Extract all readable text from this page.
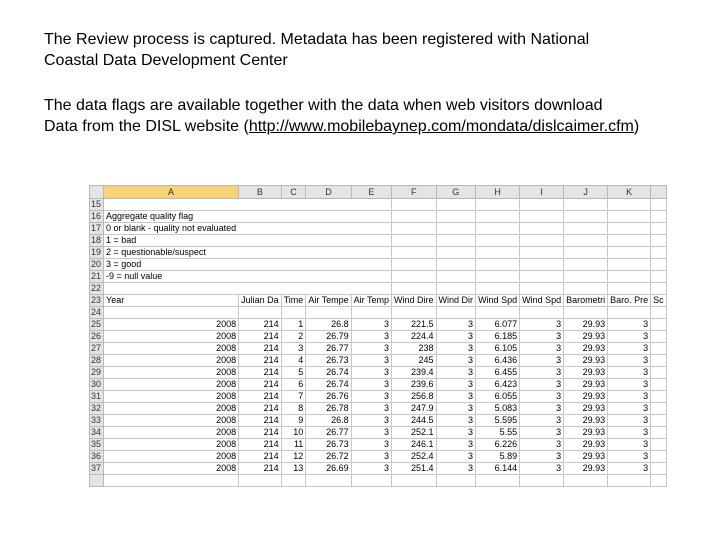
The Review process is captured. Metadata has been registered with National
Coastal Data Development Center

The data flags are available together with the data when web visitors download
Data from the DISL website (http://www.mobilebaynep.com/mondata/dislcaimer.cfm)

	A	B	C	D	E	F	G	H	I	J	K	
15												
16	Aggregate quality flag											
17	0 or blank - quality not evaluated											
18	1 = bad											
19	2 = questionable/suspect											
20	3 = good											
21	-9 = null value											
22												
23	Year	Julian Da	Time	Air Tempe	Air Temp	Wind Dire	Wind Dir	Wind Spd	Wind Spd	Barometri	Baro. Pre	Sc
24												
25	2008	214	1	26.8	3	221.5	3	6.077	3	29.93	3	
26	2008	214	2	26.79	3	224.4	3	6.185	3	29.93	3	
27	2008	214	3	26.77	3	238	3	6.105	3	29.93	3	
28	2008	214	4	26.73	3	245	3	6.436	3	29.93	3	
29	2008	214	5	26.74	3	239.4	3	6.455	3	29.93	3	
30	2008	214	6	26.74	3	239.6	3	6.423	3	29.93	3	
31	2008	214	7	26.76	3	256.8	3	6.055	3	29.93	3	
32	2008	214	8	26.78	3	247.9	3	5.083	3	29.93	3	
33	2008	214	9	26.8	3	244.5	3	5.595	3	29.93	3	
34	2008	214	10	26.77	3	252.1	3	5.55	3	29.93	3	
35	2008	214	11	26.73	3	246.1	3	6.226	3	29.93	3	
36	2008	214	12	26.72	3	252.4	3	5.89	3	29.93	3	
37	2008	214	13	26.69	3	251.4	3	6.144	3	29.93	3	
